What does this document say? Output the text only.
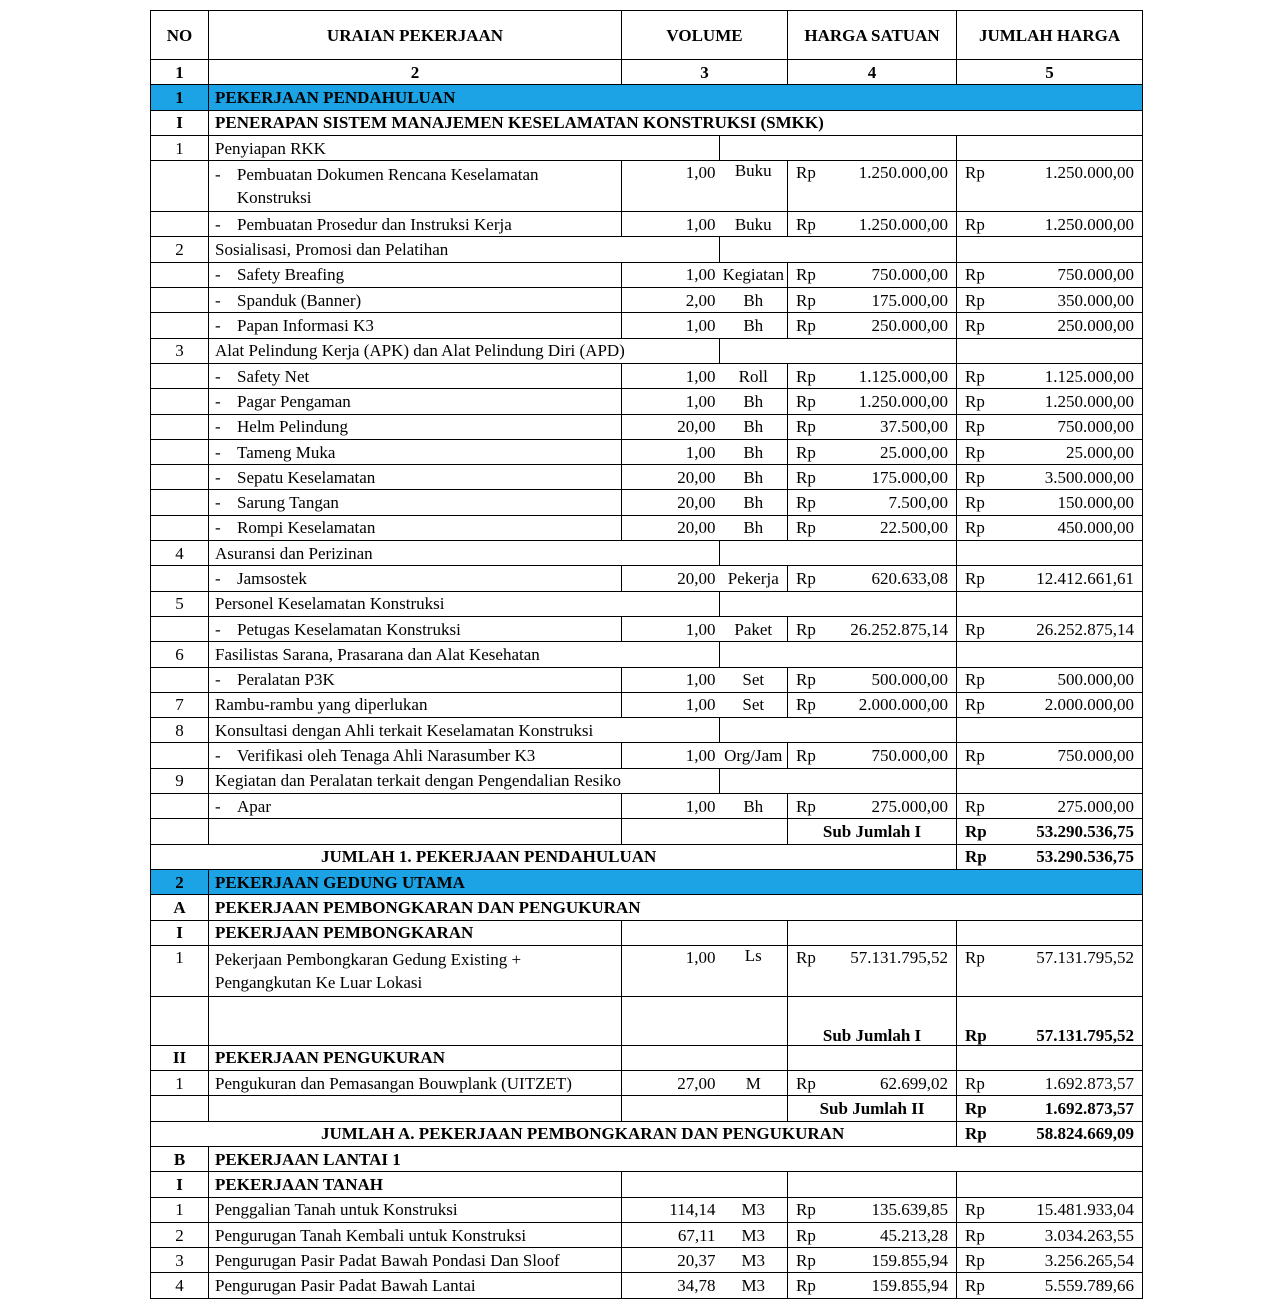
NO	URAIAN PEKERJAAN	VOLUME		HARGA SATUAN		JUMLAH HARGA	
1	2	3		4		5	
1	PEKERJAAN PENDAHULUAN						
I	PENERAPAN SISTEM MANAJEMEN KESELAMATAN KONSTRUKSI (SMKK)						
1	Penyiapan RKK						

	- Pembuatan Dokumen Rencana Keselamatan Konstruksi	1,00	Buku	Rp	1.250.000,00	Rp	1.250.000,00

	- Pembuatan Prosedur dan Instruksi Kerja	1,00	Buku	Rp	1.250.000,00	Rp	1.250.000,00
2	Sosialisasi, Promosi dan Pelatihan						

	- Safety Breafing	1,00	Kegiatan	Rp	750.000,00	Rp	750.000,00

	- Spanduk (Banner)	2,00	Bh	Rp	175.000,00	Rp	350.000,00

	- Papan Informasi K3	1,00	Bh	Rp	250.000,00	Rp	250.000,00
3	Alat Pelindung Kerja (APK) dan Alat Pelindung Diri (APD)						

	- Safety Net	1,00	Roll	Rp	1.125.000,00	Rp	1.125.000,00

	- Pagar Pengaman	1,00	Bh	Rp	1.250.000,00	Rp	1.250.000,00

	- Helm Pelindung	20,00	Bh	Rp	37.500,00	Rp	750.000,00

	- Tameng Muka	1,00	Bh	Rp	25.000,00	Rp	25.000,00

	- Sepatu Keselamatan	20,00	Bh	Rp	175.000,00	Rp	3.500.000,00

	- Sarung Tangan	20,00	Bh	Rp	7.500,00	Rp	150.000,00

	- Rompi Keselamatan	20,00	Bh	Rp	22.500,00	Rp	450.000,00
4	Asuransi dan Perizinan						

	- Jamsostek	20,00	Pekerja	Rp	620.633,08	Rp	12.412.661,61
5	Personel Keselamatan Konstruksi						

	- Petugas Keselamatan Konstruksi	1,00	Paket	Rp	26.252.875,14	Rp	26.252.875,14
6	Fasilistas Sarana, Prasarana dan Alat Kesehatan						

	- Peralatan P3K	1,00	Set	Rp	500.000,00	Rp	500.000,00
7	Rambu-rambu yang diperlukan	1,00	Set	Rp	2.000.000,00	Rp	2.000.000,00
8	Konsultasi dengan Ahli terkait Keselamatan Konstruksi						

	- Verifikasi oleh Tenaga Ahli Narasumber K3	1,00	Org/Jam	Rp	750.000,00	Rp	750.000,00
9	Kegiatan dan Peralatan terkait dengan Pengendalian Resiko						

	- Apar	1,00	Bh	Rp	275.000,00	Rp	275.000,00
				Sub Jumlah I		Rp	53.290.536,75
JUMLAH 1. PEKERJAAN PENDAHULUAN						Rp	53.290.536,75
2	PEKERJAAN GEDUNG UTAMA						
A	PEKERJAAN PEMBONGKARAN DAN PENGUKURAN						
I	PEKERJAAN PEMBONGKARAN						
1	Pekerjaan Pembongkaran Gedung Existing + Pengangkutan Ke Luar Lokasi	1,00	Ls	Rp	57.131.795,52	Rp	57.131.795,52
				Sub Jumlah I		Rp	57.131.795,52
II	PEKERJAAN PENGUKURAN						
1	Pengukuran dan Pemasangan Bouwplank (UITZET)	27,00	M	Rp	62.699,02	Rp	1.692.873,57
				Sub Jumlah II		Rp	1.692.873,57
JUMLAH A. PEKERJAAN PEMBONGKARAN DAN PENGUKURAN						Rp	58.824.669,09
B	PEKERJAAN LANTAI 1						
I	PEKERJAAN TANAH						
1	Penggalian Tanah untuk Konstruksi	114,14	M3	Rp	135.639,85	Rp	15.481.933,04
2	Pengurugan Tanah Kembali untuk Konstruksi	67,11	M3	Rp	45.213,28	Rp	3.034.263,55
3	Pengurugan Pasir Padat Bawah Pondasi Dan Sloof	20,37	M3	Rp	159.855,94	Rp	3.256.265,54
4	Pengurugan Pasir Padat Bawah Lantai	34,78	M3	Rp	159.855,94	Rp	5.559.789,66
